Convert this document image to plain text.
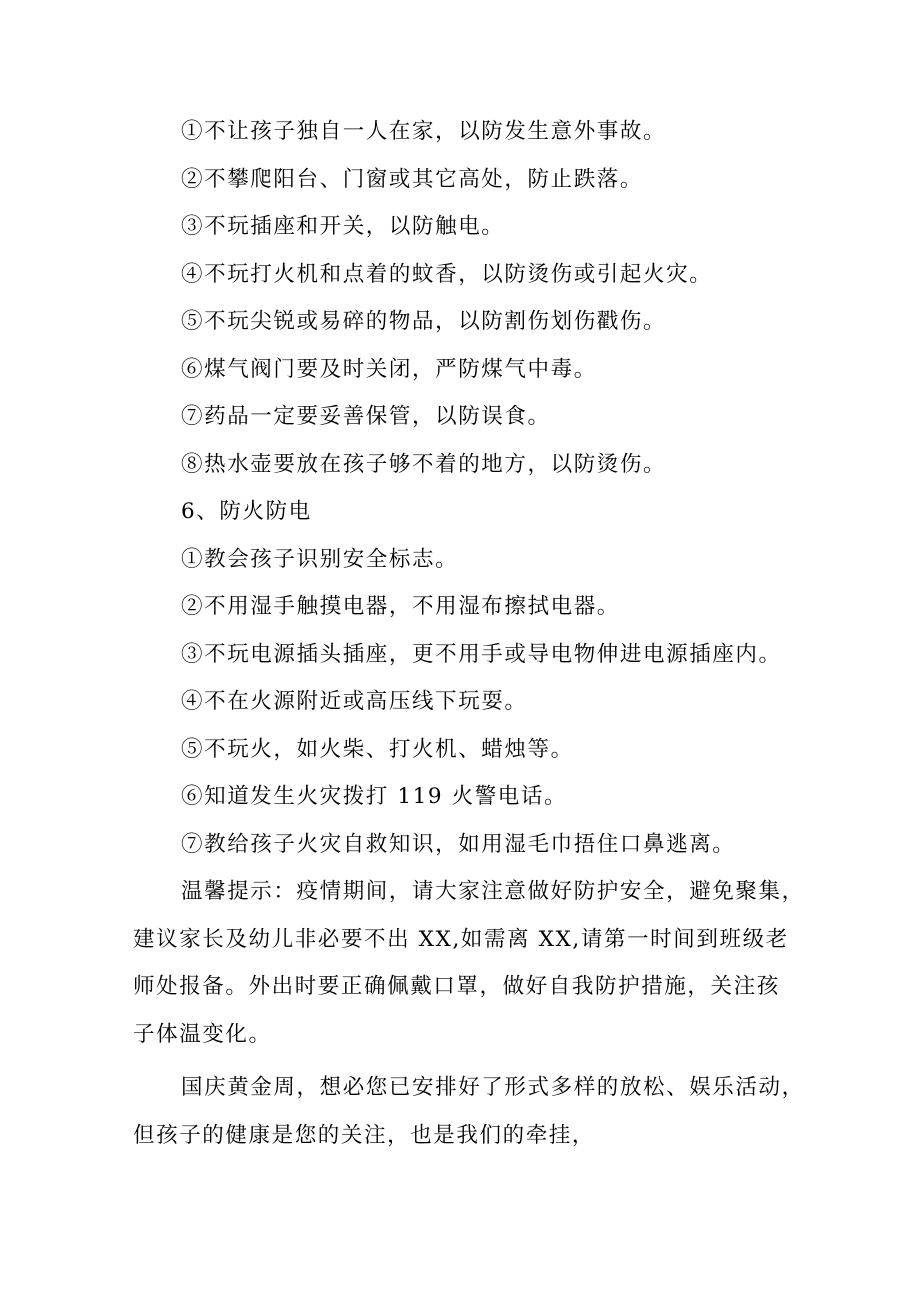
①不让孩子独自一人在家，以防发生意外事故。
②不攀爬阳台、门窗或其它高处，防止跌落。
③不玩插座和开关，以防触电。
④不玩打火机和点着的蚊香，以防烫伤或引起火灾。
⑤不玩尖锐或易碎的物品，以防割伤划伤戳伤。
⑥煤气阀门要及时关闭，严防煤气中毒。
⑦药品一定要妥善保管，以防误食。
⑧热水壶要放在孩子够不着的地方，以防烫伤。
6、防火防电
①教会孩子识别安全标志。
②不用湿手触摸电器，不用湿布擦拭电器。
③不玩电源插头插座，更不用手或导电物伸进电源插座内。
④不在火源附近或高压线下玩耍。
⑤不玩火，如火柴、打火机、蜡烛等。
⑥知道发生火灾拨打 119 火警电话。
⑦教给孩子火灾自救知识，如用湿毛巾捂住口鼻逃离。
温馨提示：疫情期间，请大家注意做好防护安全，避免聚集，
建议家长及幼儿非必要不出 XX,如需离 XX,请第一时间到班级老
师处报备。外出时要正确佩戴口罩，做好自我防护措施，关注孩
子体温变化。
国庆黄金周，想必您已安排好了形式多样的放松、娱乐活动，
但孩子的健康是您的关注，也是我们的牵挂，
